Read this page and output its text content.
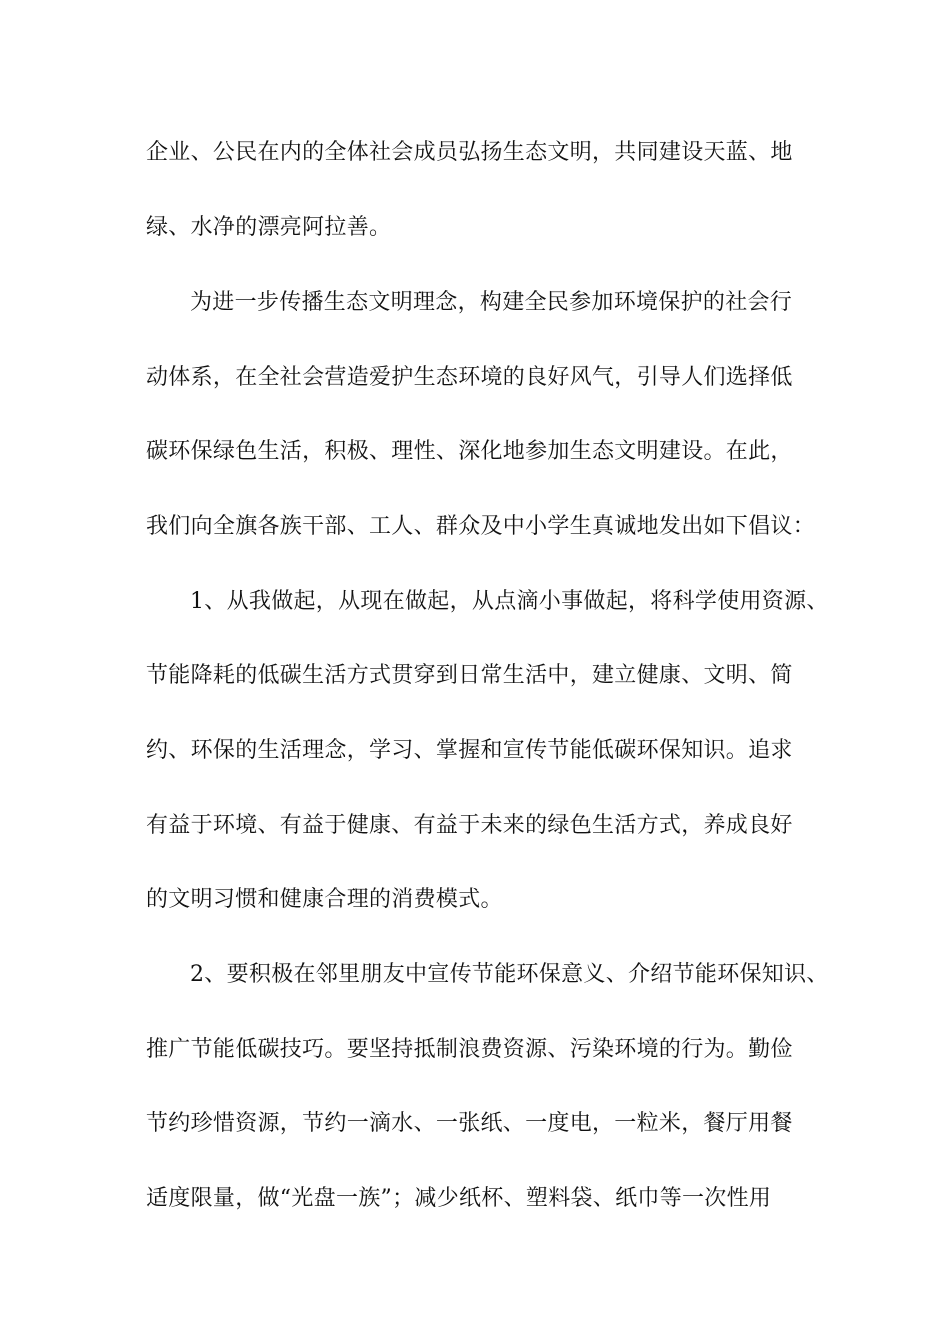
企业、公民在内的全体社会成员弘扬生态文明，共同建设天蓝、地
绿、水净的漂亮阿拉善。
为进一步传播生态文明理念，构建全民参加环境保护的社会行
动体系，在全社会营造爱护生态环境的良好风气，引导人们选择低
碳环保绿色生活，积极、理性、深化地参加生态文明建设。在此，
我们向全旗各族干部、工人、群众及中小学生真诚地发出如下倡议：
1、从我做起，从现在做起，从点滴小事做起，将科学使用资源、
节能降耗的低碳生活方式贯穿到日常生活中，建立健康、文明、简
约、环保的生活理念，学习、掌握和宣传节能低碳环保知识。追求
有益于环境、有益于健康、有益于未来的绿色生活方式，养成良好
的文明习惯和健康合理的消费模式。
2、要积极在邻里朋友中宣传节能环保意义、介绍节能环保知识、
推广节能低碳技巧。要坚持抵制浪费资源、污染环境的行为。勤俭
节约珍惜资源，节约一滴水、一张纸、一度电，一粒米，餐厅用餐
适度限量，做“光盘一族”；减少纸杯、塑料袋、纸巾等一次性用
